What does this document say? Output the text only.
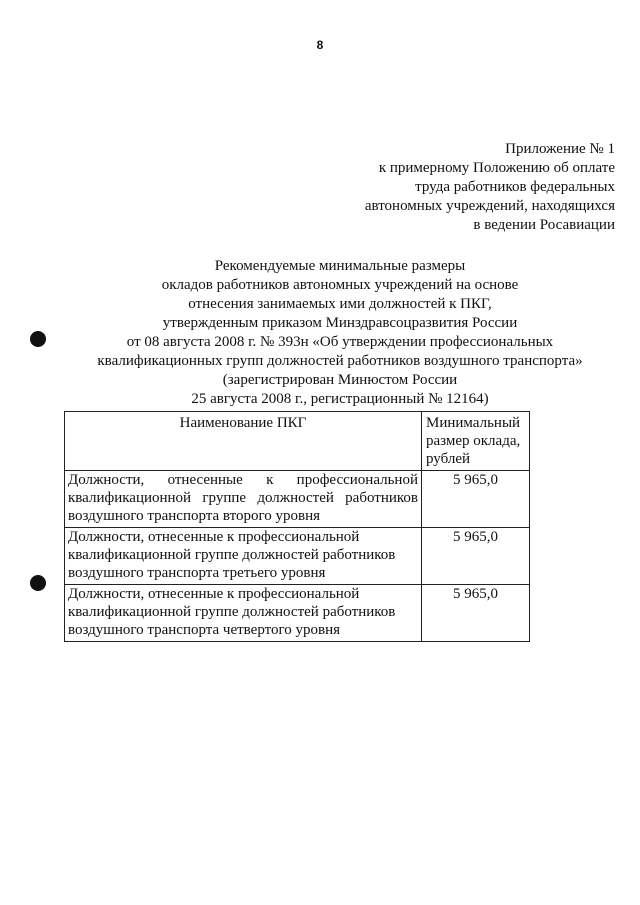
8
Приложение № 1
к примерному Положению об оплате
труда работников федеральных
автономных учреждений, находящихся
в ведении Росавиации
Рекомендуемые минимальные размеры
окладов работников автономных учреждений на основе
отнесения занимаемых ими должностей к ПКГ,
утвержденным приказом Минздравсоцразвития России
от 08 августа 2008 г. № 393н «Об утверждении профессиональных
квалификационных групп должностей работников воздушного транспорта»
(зарегистрирован Минюстом России
25 августа 2008 г., регистрационный № 12164)
Наименование ПКГ	Минимальный размер оклада, рублей
Должности, отнесенные к профессиональной квалификационной группе должностей работников воздушного транспорта второго уровня	5 965,0
Должности, отнесенные к профессиональной квалификационной группе должностей работников воздушного транспорта третьего уровня	5 965,0
Должности, отнесенные к профессиональной квалификационной группе должностей работников воздушного транспорта четвертого уровня	5 965,0
